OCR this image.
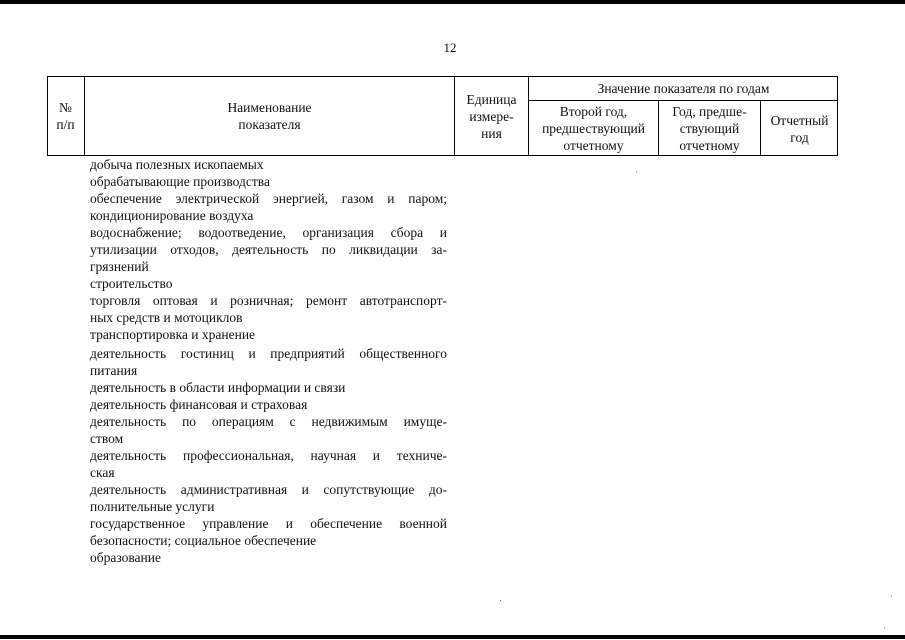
12
№
п/п
Наименование
показателя
Единица
измере-
ния
Значение показателя по годам
Второй год,
предшествующий
отчетному
Год, предше-
ствующий
отчетному
Отчетный
год
добыча полезных ископаемых
обрабатывающие производства
обеспечение электрической энергией, газом и паром;
кондиционирование воздуха
водоснабжение; водоотведение, организация сбора и
утилизации отходов, деятельность по ликвидации за-
грязнений
строительство
торговля оптовая и розничная; ремонт автотранспорт-
ных средств и мотоциклов
транспортировка и хранение
деятельность гостиниц и предприятий общественного
питания
деятельность в области информации и связи
деятельность финансовая и страховая
деятельность по операциям с недвижимым имуще-
ством
деятельность профессиональная, научная и техниче-
ская
деятельность административная и сопутствующие до-
полнительные услуги
государственное управление и обеспечение военной
безопасности; социальное обеспечение
образование
